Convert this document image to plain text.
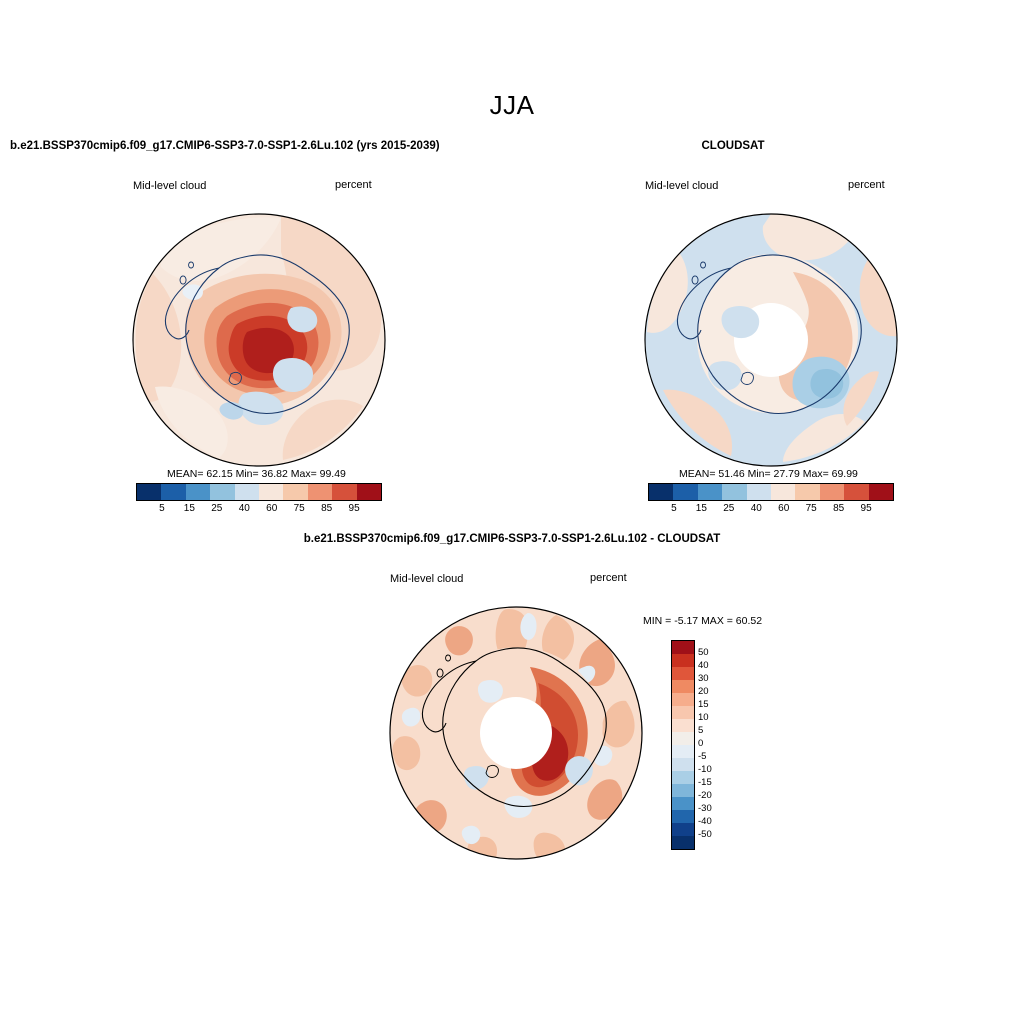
JJA
b.e21.BSSP370cmip6.f09_g17.CMIP6-SSP3-7.0-SSP1-2.6Lu.102 (yrs 2015-2039)
Mid-level cloud	percent
MEAN= 62.15 Min= 36.82 Max= 99.49
5	15	25	40	60	75	85	95
CLOUDSAT
Mid-level cloud	percent
MEAN= 51.46 Min= 27.79 Max= 69.99
5	15	25	40	60	75	85	95
b.e21.BSSP370cmip6.f09_g17.CMIP6-SSP3-7.0-SSP1-2.6Lu.102 - CLOUDSAT
Mid-level cloud	percent
MIN = -5.17 MAX = 60.52
50
40
30
20
15
10
5
0
-5
-10
-15
-20
-30
-40
-50
